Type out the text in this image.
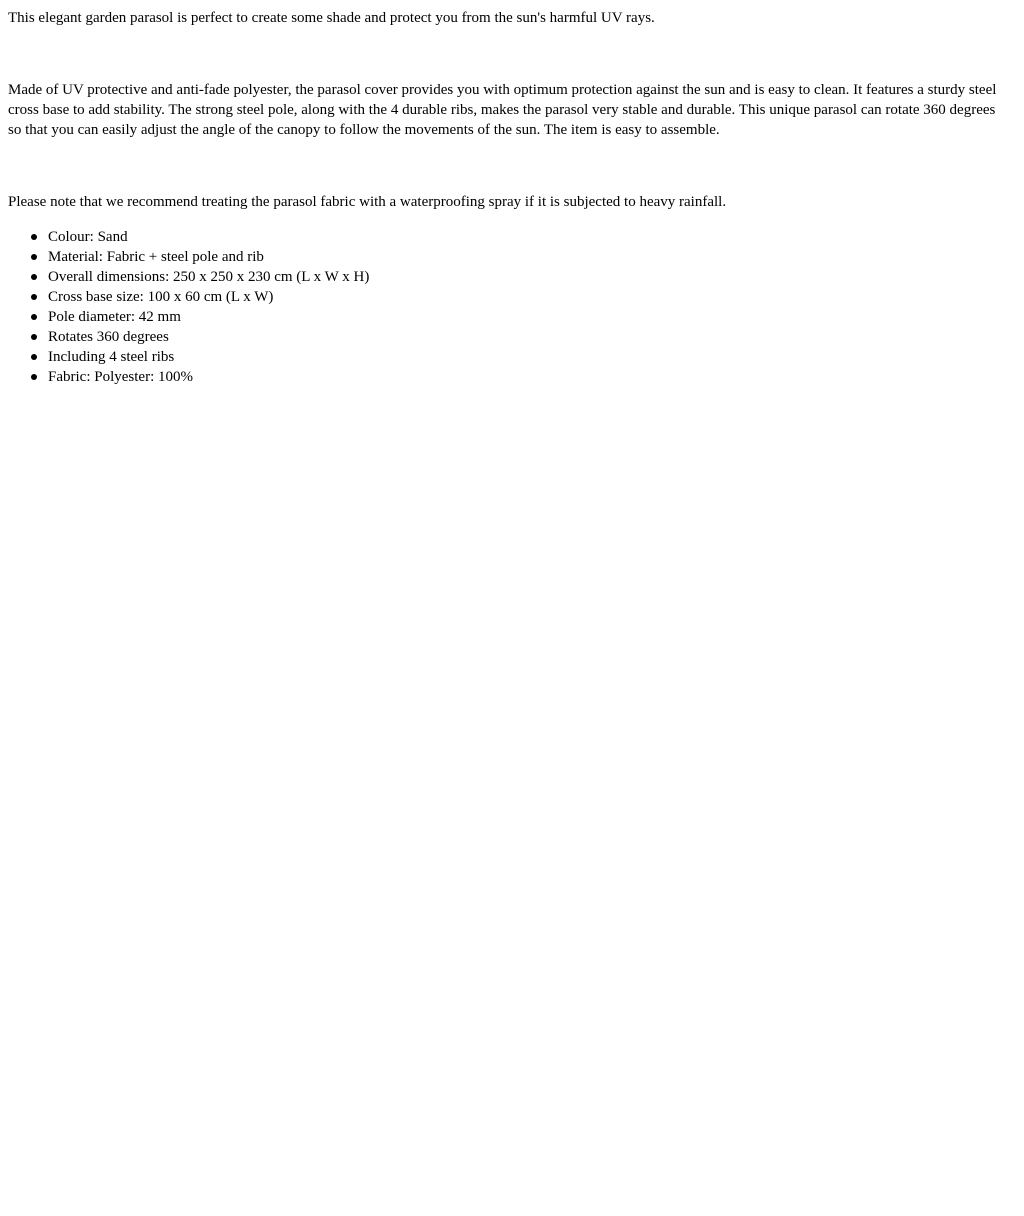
This elegant garden parasol is perfect to create some shade and protect you from the sun's harmful UV rays.

Made of UV protective and anti-fade polyester, the parasol cover provides you with optimum protection against the sun and is easy to clean. It features a sturdy steel cross base to add stability. The strong steel pole, along with the 4 durable ribs, makes the parasol very stable and durable. This unique parasol can rotate 360 degrees so that you can easily adjust the angle of the canopy to follow the movements of the sun. The item is easy to assemble.

Please note that we recommend treating the parasol fabric with a waterproofing spray if it is subjected to heavy rainfall.

Colour: Sand
Material: Fabric + steel pole and rib
Overall dimensions: 250 x 250 x 230 cm (L x W x H)
Cross base size: 100 x 60 cm (L x W)
Pole diameter: 42 mm
Rotates 360 degrees
Including 4 steel ribs
Fabric: Polyester: 100%
